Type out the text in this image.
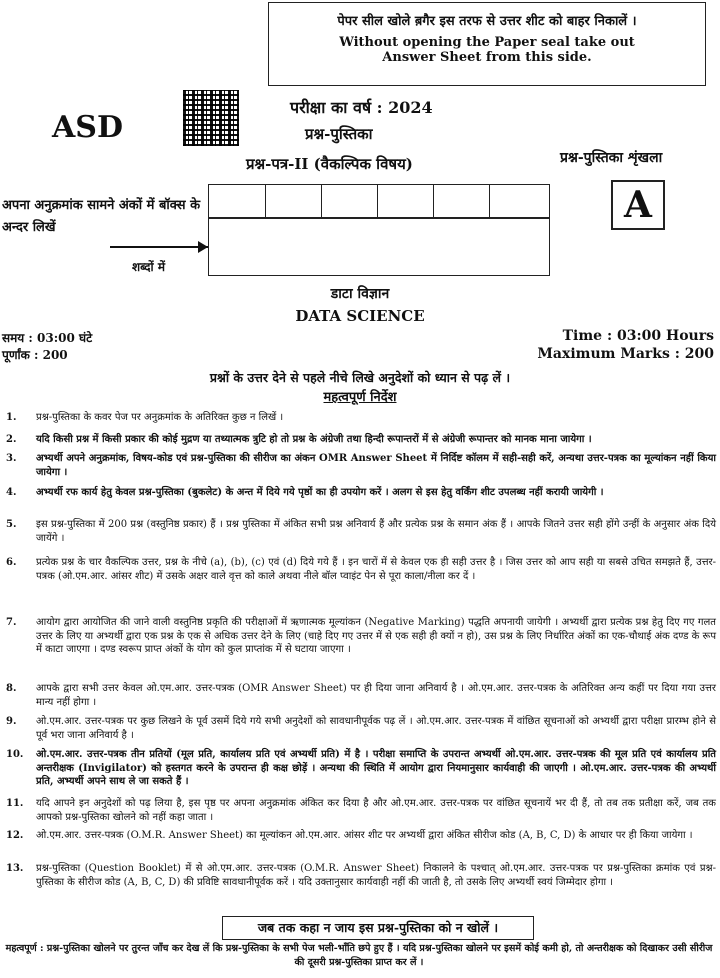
पेपर सील खोले ब़गैर इस तरफ से उत्तर शीट को बाहर निकालें ।
Without opening the Paper seal take out Answer Sheet from this side.
ASD
परीक्षा का वर्ष : 2024
प्रश्न-पुस्तिका
प्रश्न-पत्र-II (वैकल्पिक विषय)	प्रश्न-पुस्तिका शृंखला
A
अपना अनुक्रमांक सामने अंकों में बॉक्स के अन्दर लिखें
शब्दों में
डाटा विज्ञान
DATA SCIENCE
समय : 03:00 घंटे
पूर्णांक : 200
Time : 03:00 Hours
Maximum Marks : 200
प्रश्नों के उत्तर देने से पहले नीचे लिखे अनुदेशों को ध्यान से पढ़ लें ।
महत्वपूर्ण निर्देश
1. प्रश्न-पुस्तिका के कवर पेज पर अनुक्रमांक के अतिरिक्त कुछ न लिखें ।
2. यदि किसी प्रश्न में किसी प्रकार की कोई मुद्रण या तथ्यात्मक त्रुटि हो तो प्रश्न के अंग्रेजी तथा हिन्दी रूपान्तरों में से अंग्रेजी रूपान्तर को मानक माना जायेगा ।
3. अभ्यर्थी अपने अनुक्रमांक, विषय-कोड एवं प्रश्न-पुस्तिका की सीरीज का अंकन OMR Answer Sheet में निर्दिष्ट कॉलम में सही-सही करें, अन्यथा उत्तर-पत्रक का मूल्यांकन नहीं किया जायेगा ।
4. अभ्यर्थी रफ कार्य हेतु केवल प्रश्न-पुस्तिका (बुकलेट) के अन्त में दिये गये पृष्ठों का ही उपयोग करें । अलग से इस हेतु वर्किंग शीट उपलब्ध नहीं करायी जायेगी ।
5. इस प्रश्न-पुस्तिका में 200 प्रश्न (वस्तुनिष्ठ प्रकार) हैं । प्रश्न पुस्तिका में अंकित सभी प्रश्न अनिवार्य हैं और प्रत्येक प्रश्न के समान अंक हैं । आपके जितने उत्तर सही होंगे उन्हीं के अनुसार अंक दिये जायेंगे ।
6. प्रत्येक प्रश्न के चार वैकल्पिक उत्तर, प्रश्न के नीचे (a), (b), (c) एवं (d) दिये गये हैं । इन चारों में से केवल एक ही सही उत्तर है । जिस उत्तर को आप सही या सबसे उचित समझते हैं, उत्तर-पत्रक (ओ.एम.आर. आंसर शीट) में उसके अक्षर वाले वृत्त को काले अथवा नीले बॉल प्वाइंट पेन से पूरा काला/नीला कर दें ।
7. आयोग द्वारा आयोजित की जाने वाली वस्तुनिष्ठ प्रकृति की परीक्षाओं में ऋणात्मक मूल्यांकन (Negative Marking) पद्धति अपनायी जायेगी । अभ्यर्थी द्वारा प्रत्येक प्रश्न हेतु दिए गए गलत उत्तर के लिए या अभ्यर्थी द्वारा एक प्रश्न के एक से अधिक उत्तर देने के लिए (चाहे दिए गए उत्तर में से एक सही ही क्यों न हो), उस प्रश्न के लिए निर्धारित अंकों का एक-चौथाई अंक दण्ड के रूप में काटा जाएगा । दण्ड स्वरूप प्राप्त अंकों के योग को कुल प्राप्तांक में से घटाया जाएगा ।
8. आपके द्वारा सभी उत्तर केवल ओ.एम.आर. उत्तर-पत्रक (OMR Answer Sheet) पर ही दिया जाना अनिवार्य है । ओ.एम.आर. उत्तर-पत्रक के अतिरिक्त अन्य कहीं पर दिया गया उत्तर मान्य नहीं होगा ।
9. ओ.एम.आर. उत्तर-पत्रक पर कुछ लिखने के पूर्व उसमें दिये गये सभी अनुदेशों को सावधानीपूर्वक पढ़ लें । ओ.एम.आर. उत्तर-पत्रक में वांछित सूचनाओं को अभ्यर्थी द्वारा परीक्षा प्रारम्भ होने से पूर्व भरा जाना अनिवार्य है ।
10. ओ.एम.आर. उत्तर-पत्रक तीन प्रतियों (मूल प्रति, कार्यालय प्रति एवं अभ्यर्थी प्रति) में है । परीक्षा समाप्ति के उपरान्त अभ्यर्थी ओ.एम.आर. उत्तर-पत्रक की मूल प्रति एवं कार्यालय प्रति अन्तरीक्षक (Invigilator) को हस्तगत करने के उपरान्त ही कक्ष छोड़ें । अन्यथा की स्थिति में आयोग द्वारा नियमानुसार कार्यवाही की जाएगी । ओ.एम.आर. उत्तर-पत्रक की अभ्यर्थी प्रति, अभ्यर्थी अपने साथ ले जा सकते हैं ।
11. यदि आपने इन अनुदेशों को पढ़ लिया है, इस पृष्ठ पर अपना अनुक्रमांक अंकित कर दिया है और ओ.एम.आर. उत्तर-पत्रक पर वांछित सूचनायें भर दी हैं, तो तब तक प्रतीक्षा करें, जब तक आपको प्रश्न-पुस्तिका खोलने को नहीं कहा जाता ।
12. ओ.एम.आर. उत्तर-पत्रक (O.M.R. Answer Sheet) का मूल्यांकन ओ.एम.आर. आंसर शीट पर अभ्यर्थी द्वारा अंकित सीरीज कोड (A, B, C, D) के आधार पर ही किया जायेगा ।
13. प्रश्न-पुस्तिका (Question Booklet) में से ओ.एम.आर. उत्तर-पत्रक (O.M.R. Answer Sheet) निकालने के पश्चात् ओ.एम.आर. उत्तर-पत्रक पर प्रश्न-पुस्तिका क्रमांक एवं प्रश्न-पुस्तिका के सीरीज कोड (A, B, C, D) की प्रविष्टि सावधानीपूर्वक करें । यदि उक्तानुसार कार्यवाही नहीं की जाती है, तो उसके लिए अभ्यर्थी स्वयं जिम्मेदार होगा ।
जब तक कहा न जाय इस प्रश्न-पुस्तिका को न खोलें ।
महत्वपूर्ण : प्रश्न-पुस्तिका खोलने पर तुरन्त जाँच कर देख लें कि प्रश्न-पुस्तिका के सभी पेज भली-भाँति छपे हुए हैं । यदि प्रश्न-पुस्तिका खोलने पर इसमें कोई कमी हो, तो अन्तरीक्षक को दिखाकर उसी सीरीज की दूसरी प्रश्न-पुस्तिका प्राप्त कर लें ।
